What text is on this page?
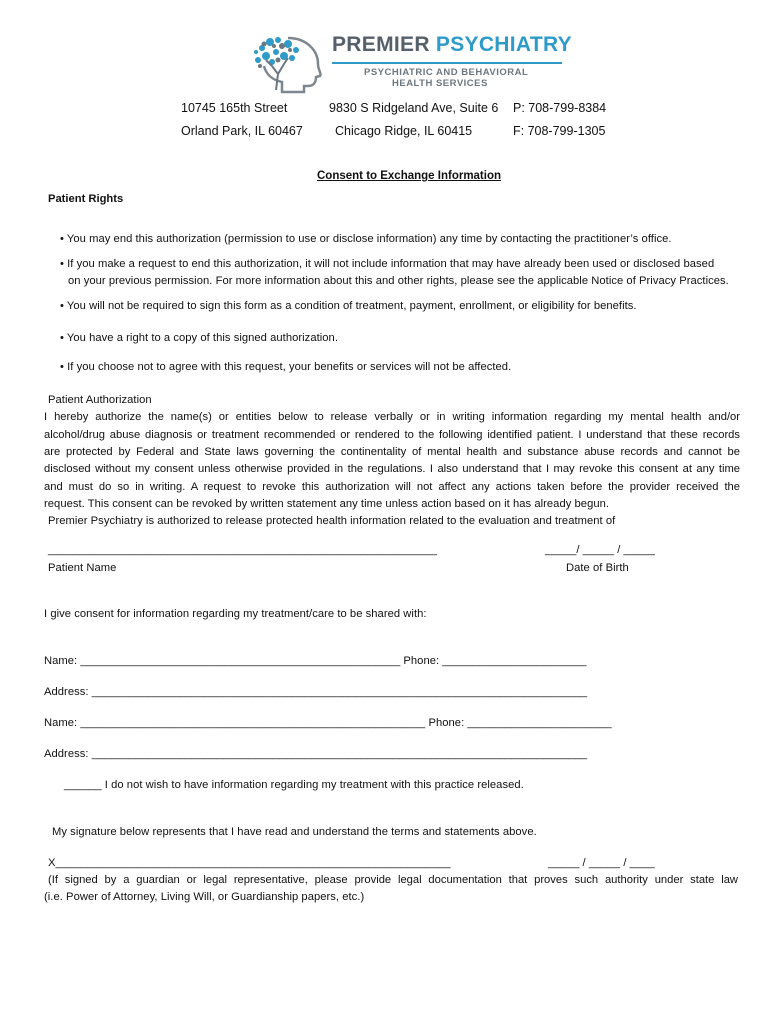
PREMIER PSYCHIATRY
PSYCHIATRIC AND BEHAVIORAL
HEALTH SERVICES
10745 165th Street
Orland Park, IL 60467
9830 S Ridgeland Ave, Suite 6
Chicago Ridge, IL 60415
P: 708-799-8384
F: 708-799-1305
Consent to Exchange Information
Patient Rights
• You may end this authorization (permission to use or disclose information) any time by contacting the practitioner’s office.
• If you make a request to end this authorization, it will not include information that may have already been used or disclosed based
on your previous permission. For more information about this and other rights, please see the applicable Notice of Privacy Practices.
• You will not be required to sign this form as a condition of treatment, payment, enrollment, or eligibility for benefits.
• You have a right to a copy of this signed authorization.
• If you choose not to agree with this request, your benefits or services will not be affected.
Patient Authorization
I hereby authorize the name(s) or entities below to release verbally or in writing information regarding my mental health and/or
alcohol/drug abuse diagnosis or treatment recommended or rendered to the following identified patient. I understand that these records
are protected by Federal and State laws governing the continentality of mental health and substance abuse records and cannot be
disclosed without my consent unless otherwise provided in the regulations. I also understand that I may revoke this consent at any time
and must do so in writing. A request to revoke this authorization will not affect any actions taken before the provider received the
request. This consent can be revoked by written statement any time unless action based on it has already begun.
Premier Psychiatry is authorized to release protected health information related to the evaluation and treatment of
______________________________________________________________	_____/ _____ / _____
Patient Name	Date of Birth
I give consent for information regarding my treatment/care to be shared with:
Name: ___________________________________________________ Phone: _______________________
Address: _______________________________________________________________________________
Name: _______________________________________________________ Phone: _______________________
Address: _______________________________________________________________________________
______ I do not wish to have information regarding my treatment with this practice released.
My signature below represents that I have read and understand the terms and statements above.
X_______________________________________________________________	_____ / _____ / ____
(If signed by a guardian or legal representative, please provide legal documentation that proves such authority under state law
(i.e. Power of Attorney, Living Will, or Guardianship papers, etc.)
